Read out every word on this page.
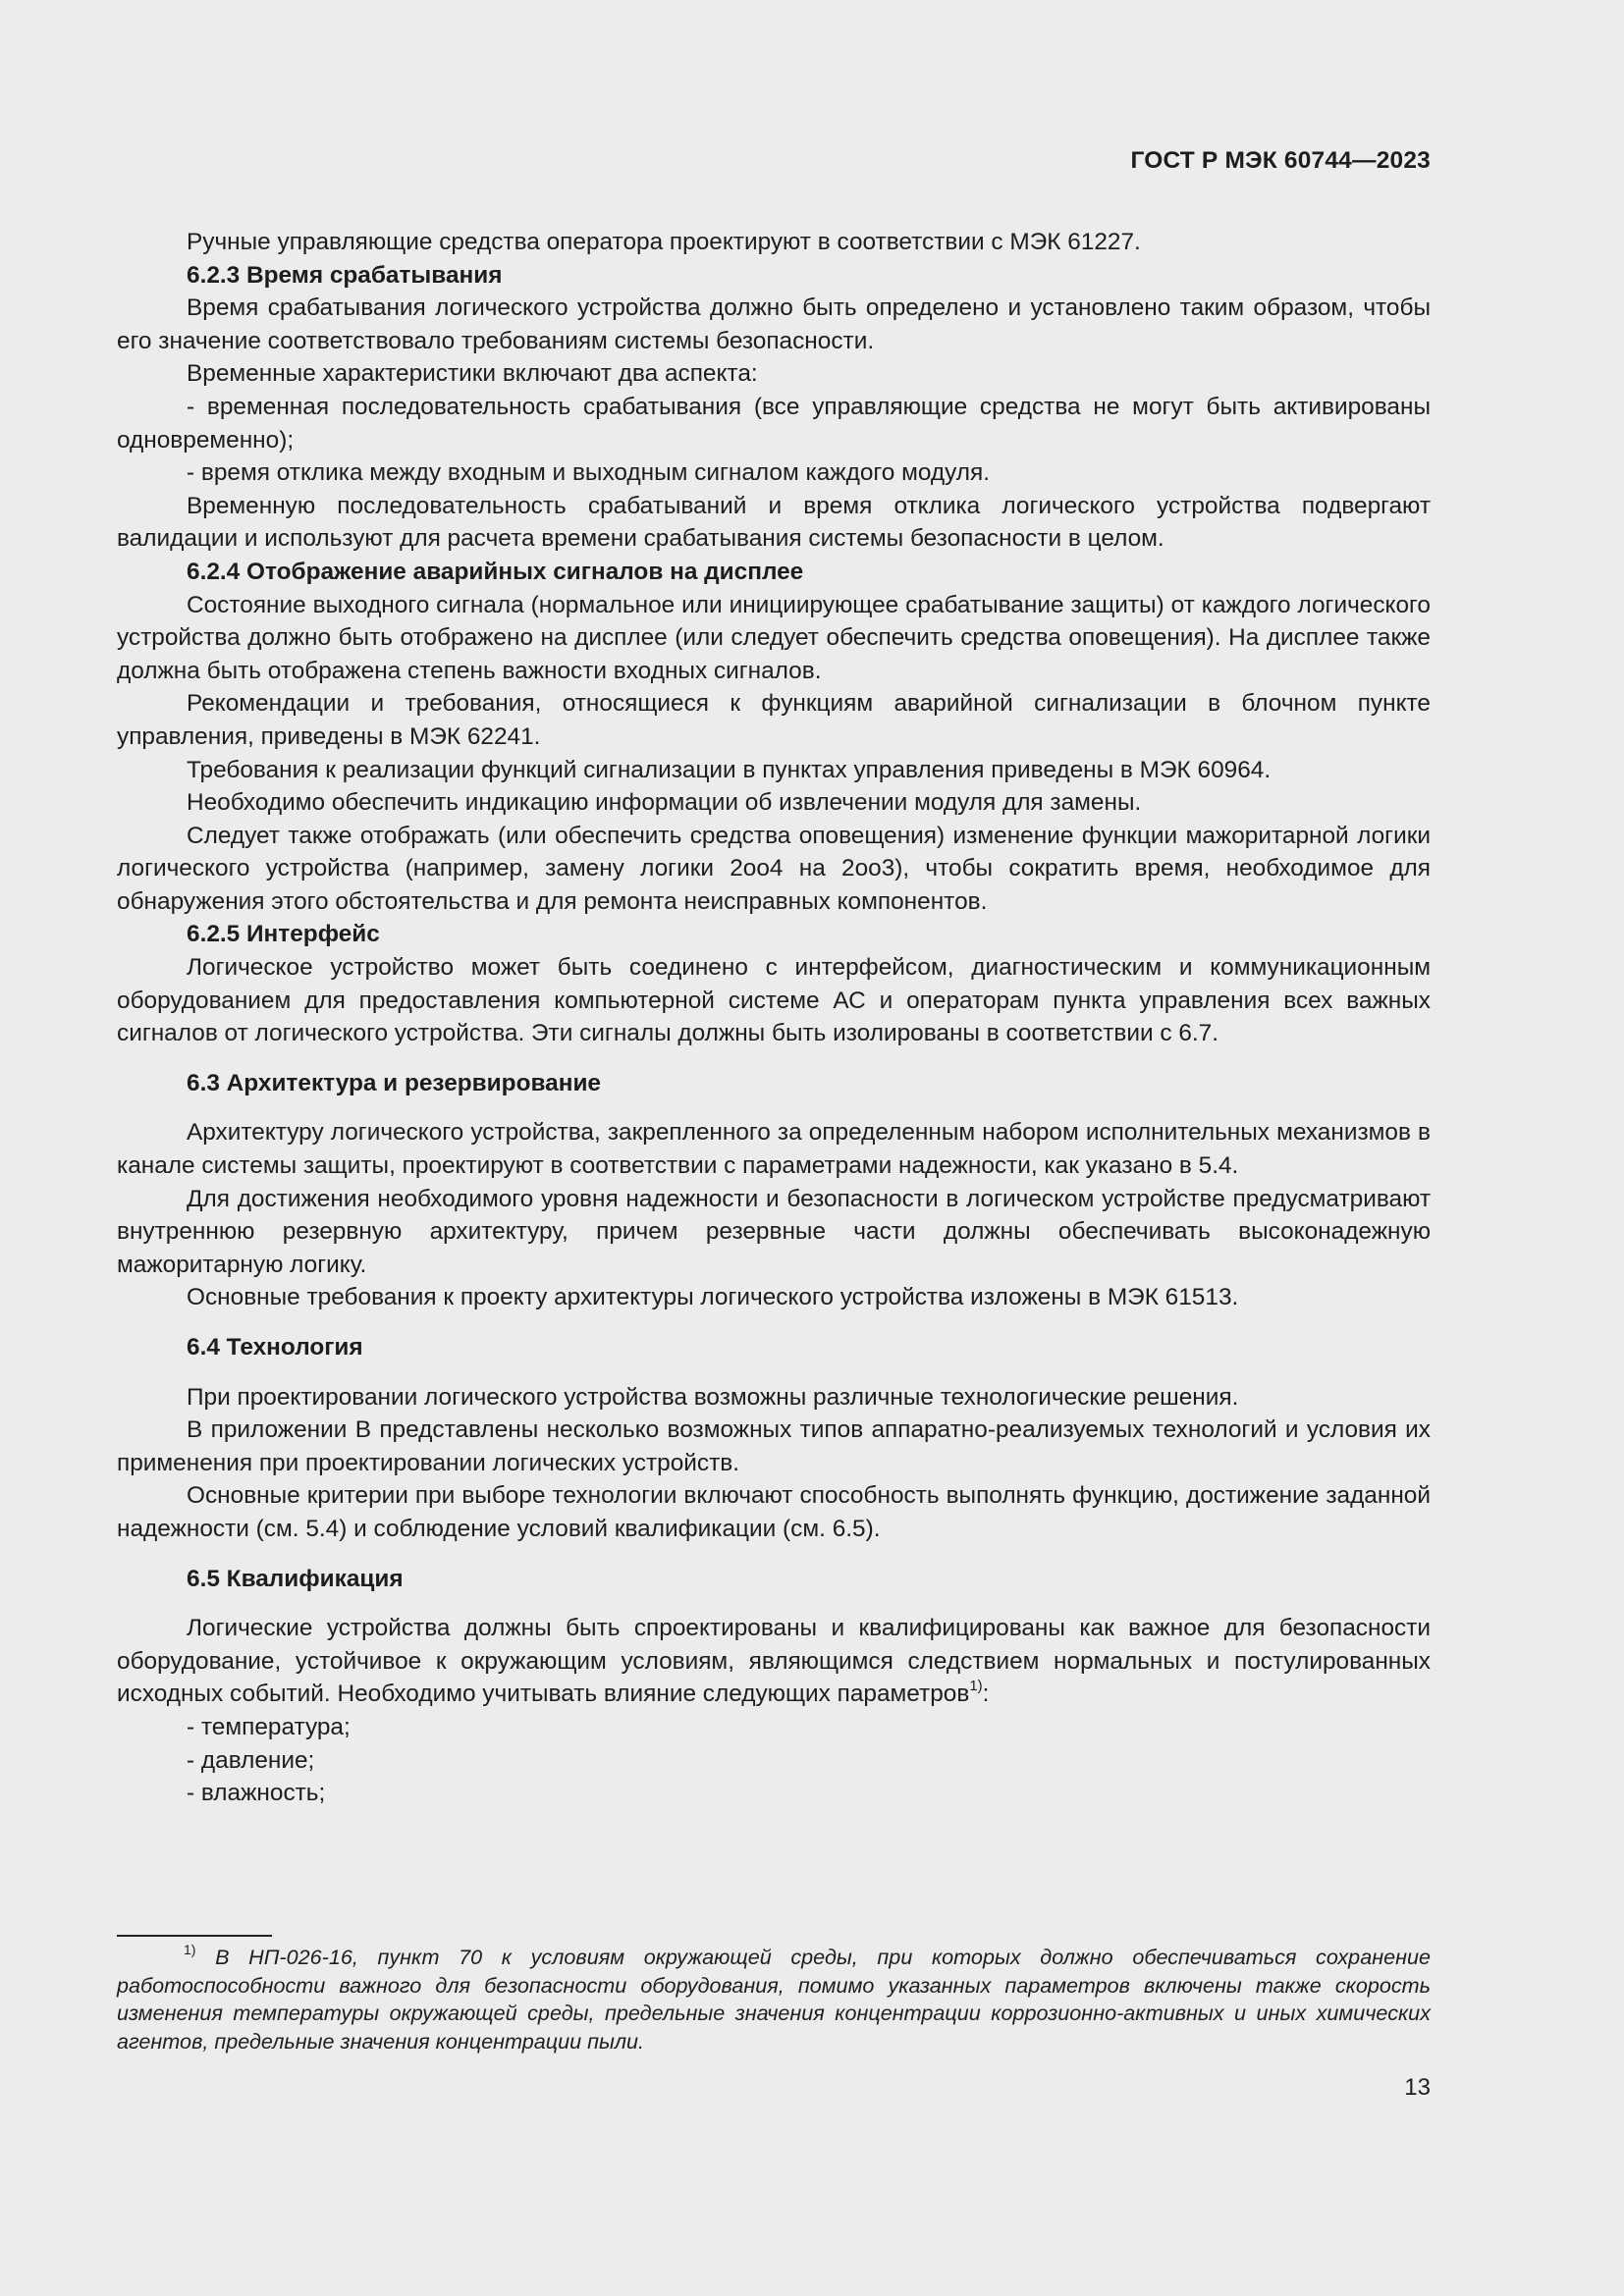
ГОСТ Р МЭК 60744—2023

Ручные управляющие средства оператора проектируют в соответствии с МЭК 61227.

6.2.3 Время срабатывания

Время срабатывания логического устройства должно быть определено и установлено таким образом, чтобы его значение соответствовало требованиям системы безопасности.

Временные характеристики включают два аспекта:

- временная последовательность срабатывания (все управляющие средства не могут быть активированы одновременно);

- время отклика между входным и выходным сигналом каждого модуля.

Временную последовательность срабатываний и время отклика логического устройства подвергают валидации и используют для расчета времени срабатывания системы безопасности в целом.

6.2.4 Отображение аварийных сигналов на дисплее

Состояние выходного сигнала (нормальное или инициирующее срабатывание защиты) от каждого логического устройства должно быть отображено на дисплее (или следует обеспечить средства оповещения). На дисплее также должна быть отображена степень важности входных сигналов.

Рекомендации и требования, относящиеся к функциям аварийной сигнализации в блочном пункте управления, приведены в МЭК 62241.

Требования к реализации функций сигнализации в пунктах управления приведены в МЭК 60964.

Необходимо обеспечить индикацию информации об извлечении модуля для замены.

Следует также отображать (или обеспечить средства оповещения) изменение функции мажоритарной логики логического устройства (например, замену логики 2оо4 на 2оо3), чтобы сократить время, необходимое для обнаружения этого обстоятельства и для ремонта неисправных компонентов.

6.2.5 Интерфейс

Логическое устройство может быть соединено с интерфейсом, диагностическим и коммуникационным оборудованием для предоставления компьютерной системе АС и операторам пункта управления всех важных сигналов от логического устройства. Эти сигналы должны быть изолированы в соответствии с 6.7.

6.3 Архитектура и резервирование

Архитектуру логического устройства, закрепленного за определенным набором исполнительных механизмов в канале системы защиты, проектируют в соответствии с параметрами надежности, как указано в 5.4.

Для достижения необходимого уровня надежности и безопасности в логическом устройстве предусматривают внутреннюю резервную архитектуру, причем резервные части должны обеспечивать высоконадежную мажоритарную логику.

Основные требования к проекту архитектуры логического устройства изложены в МЭК 61513.

6.4 Технология

При проектировании логического устройства возможны различные технологические решения.

В приложении В представлены несколько возможных типов аппаратно-реализуемых технологий и условия их применения при проектировании логических устройств.

Основные критерии при выборе технологии включают способность выполнять функцию, достижение заданной надежности (см. 5.4) и соблюдение условий квалификации (см. 6.5).

6.5 Квалификация

Логические устройства должны быть спроектированы и квалифицированы как важное для безопасности оборудование, устойчивое к окружающим условиям, являющимся следствием нормальных и постулированных исходных событий. Необходимо учитывать влияние следующих параметров$^{1)}$:

- температура;

- давление;

- влажность;

$^{1)}$ В НП-026-16, пункт 70 к условиям окружающей среды, при которых должно обеспечиваться сохранение работоспособности важного для безопасности оборудования, помимо указанных параметров включены также скорость изменения температуры окружающей среды, предельные значения концентрации коррозионно-активных и иных химических агентов, предельные значения концентрации пыли.

13
